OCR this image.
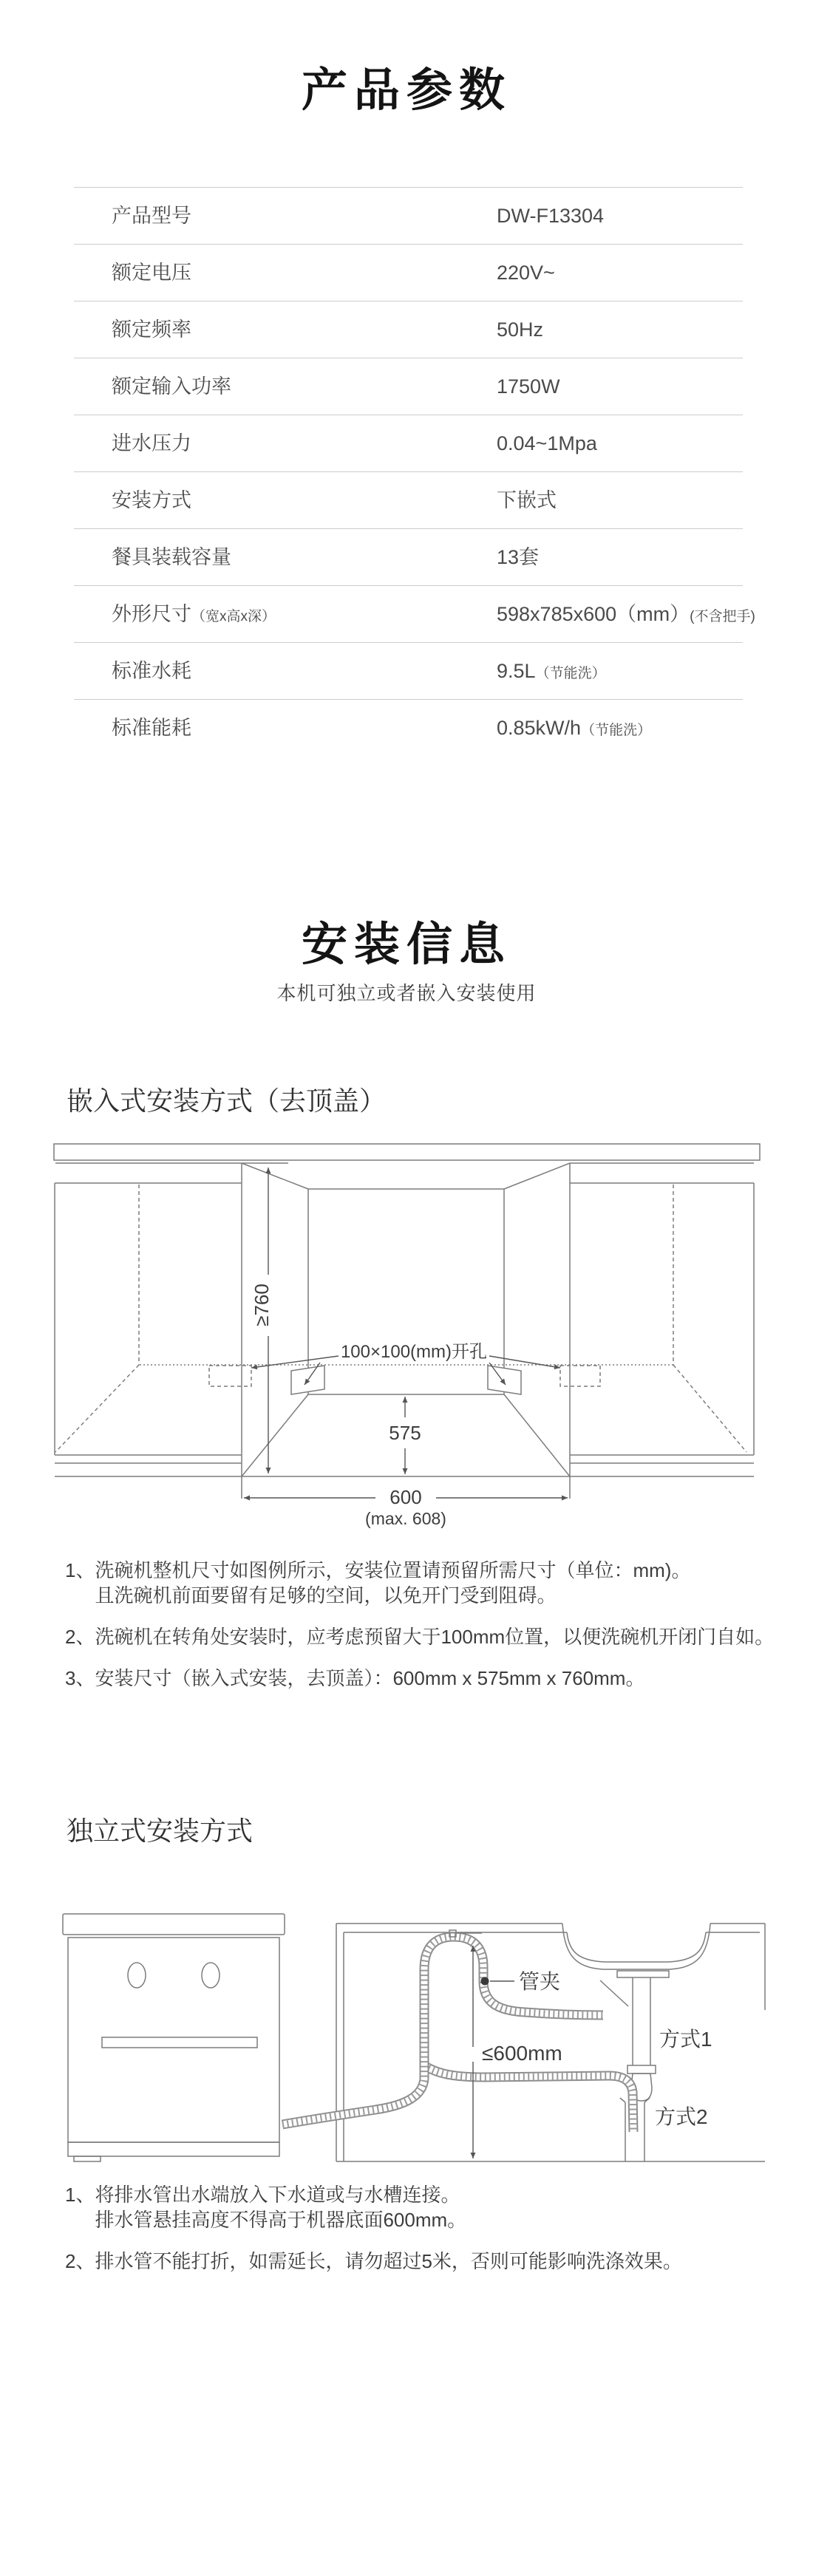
产品参数
产品型号	DW-F13304
额定电压	220V~
额定频率	50Hz
额定输入功率	1750W
进水压力	0.04~1Mpa
安装方式	下嵌式
餐具装载容量	13套
外形尺寸（宽x高x深）	598x785x600（mm）(不含把手)
标准水耗	9.5L（节能洗）
标准能耗	0.85kW/h（节能洗）
安装信息
本机可独立或者嵌入安装使用
嵌入式安装方式（去顶盖）
≥760
100×100(mm)开孔
575
600
(max. 608)
1、 洗碗机整机尺寸如图例所示，安装位置请预留所需尺寸（单位：mm)。
且洗碗机前面要留有足够的空间，以免开门受到阻碍。
2、 洗碗机在转角处安装时，应考虑预留大于100mm位置，以便洗碗机开闭门自如。
3、 安装尺寸（嵌入式安装，去顶盖）：600mm x 575mm x 760mm。
独立式安装方式
管夹
≤600mm
方式1
方式2
1、 将排水管出水端放入下水道或与水槽连接。
排水管悬挂高度不得高于机器底面600mm。
2、 排水管不能打折，如需延长，请勿超过5米，否则可能影响洗涤效果。
